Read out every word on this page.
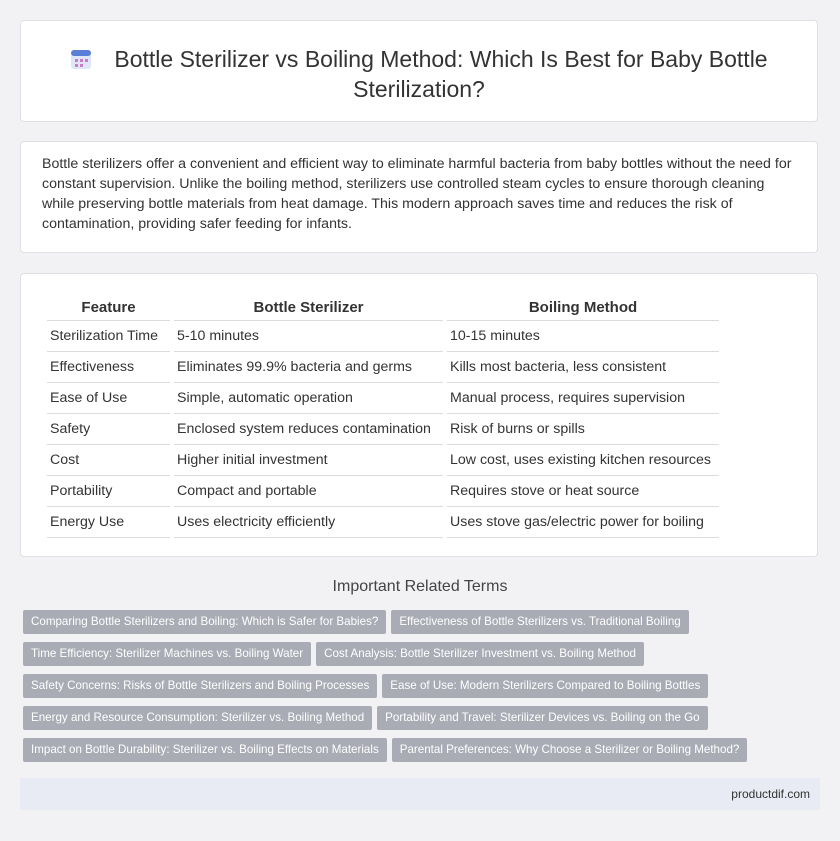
Bottle Sterilizer vs Boiling Method: Which Is Best for Baby Bottle Sterilization?

Bottle sterilizers offer a convenient and efficient way to eliminate harmful bacteria from baby bottles without the need for constant supervision. Unlike the boiling method, sterilizers use controlled steam cycles to ensure thorough cleaning while preserving bottle materials from heat damage. This modern approach saves time and reduces the risk of contamination, providing safer feeding for infants.

Feature	Bottle Sterilizer	Boiling Method
Sterilization Time	5-10 minutes	10-15 minutes
Effectiveness	Eliminates 99.9% bacteria and germs	Kills most bacteria, less consistent
Ease of Use	Simple, automatic operation	Manual process, requires supervision
Safety	Enclosed system reduces contamination	Risk of burns or spills
Cost	Higher initial investment	Low cost, uses existing kitchen resources
Portability	Compact and portable	Requires stove or heat source
Energy Use	Uses electricity efficiently	Uses stove gas/electric power for boiling
Important Related Terms
Comparing Bottle Sterilizers and Boiling: Which is Safer for Babies? Effectiveness of Bottle Sterilizers vs. Traditional Boiling
Time Efficiency: Sterilizer Machines vs. Boiling Water Cost Analysis: Bottle Sterilizer Investment vs. Boiling Method
Safety Concerns: Risks of Bottle Sterilizers and Boiling Processes Ease of Use: Modern Sterilizers Compared to Boiling Bottles
Energy and Resource Consumption: Sterilizer vs. Boiling Method Portability and Travel: Sterilizer Devices vs. Boiling on the Go
Impact on Bottle Durability: Sterilizer vs. Boiling Effects on Materials Parental Preferences: Why Choose a Sterilizer or Boiling Method?
productdif.com
